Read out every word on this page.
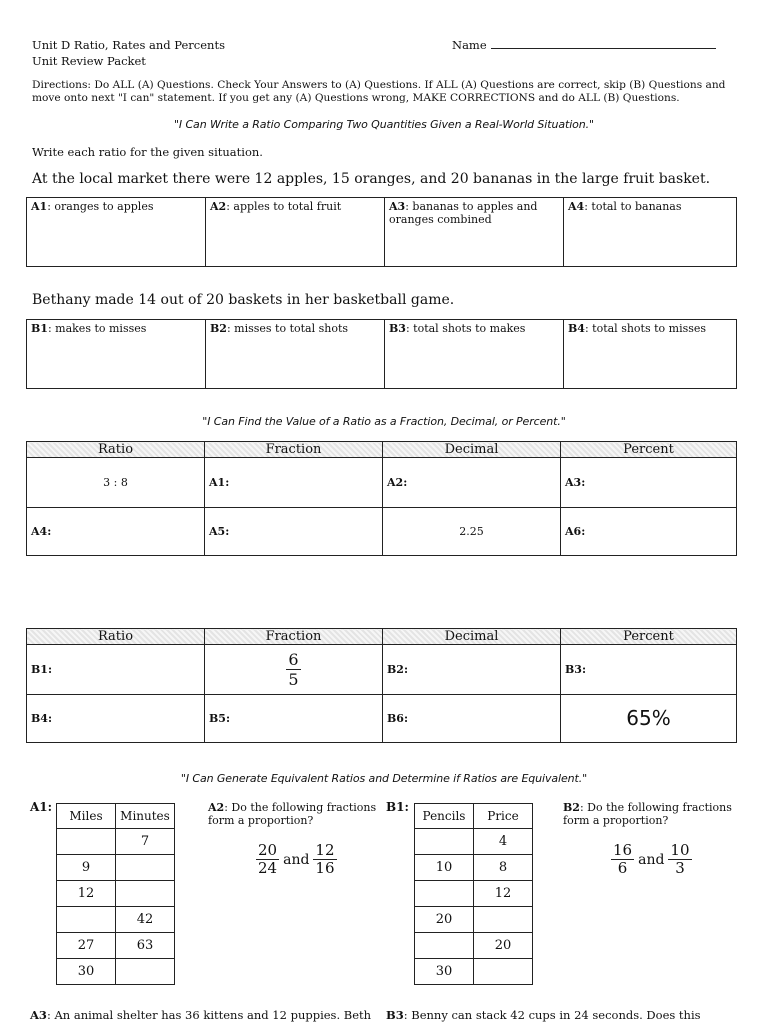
Unit D Ratio, Rates and Percents
Unit Review Packet
Name
Directions: Do ALL (A) Questions. Check Your Answers to (A) Questions. If ALL (A) Questions are correct, skip (B) Questions and move onto next "I can" statement. If you get any (A) Questions wrong, MAKE CORRECTIONS and do ALL (B) Questions.
"I Can Write a Ratio Comparing Two Quantities Given a Real-World Situation."
Write each ratio for the given situation.
At the local market there were 12 apples, 15 oranges, and 20 bananas in the large fruit basket.
A1: oranges to apples	A2: apples to total fruit	A3: bananas to apples and oranges combined	A4: total to bananas
Bethany made 14 out of 20 baskets in her basketball game.
B1: makes to misses	B2: misses to total shots	B3: total shots to makes	B4: total shots to misses
"I Can Find the Value of a Ratio as a Fraction, Decimal, or Percent."
Ratio	Fraction	Decimal	Percent
3 : 8	A1:	A2:	A3:
A4:	A5:	2.25	A6:
Ratio	Fraction	Decimal	Percent
B1:	$\frac{6}{5}$	B2:	B3:
B4:	B5:	B6:	65%
"I Can Generate Equivalent Ratios and Determine if Ratios are Equivalent."
A1:
Miles	Minutes
	7
9	
12	
	42
27	63
30	
A2: Do the following fractions form a proportion?
$\frac{20}{24}$ and $\frac{12}{16}$
B1:
Pencils	Price
	4
10	8
	12
20	
	20
30	
B2: Do the following fractions form a proportion?
$\frac{16}{6}$ and $\frac{10}{3}$
A3: An animal shelter has 36 kittens and 12 puppies. Beth B3: Benny can stack 42 cups in 24 seconds. Does this
